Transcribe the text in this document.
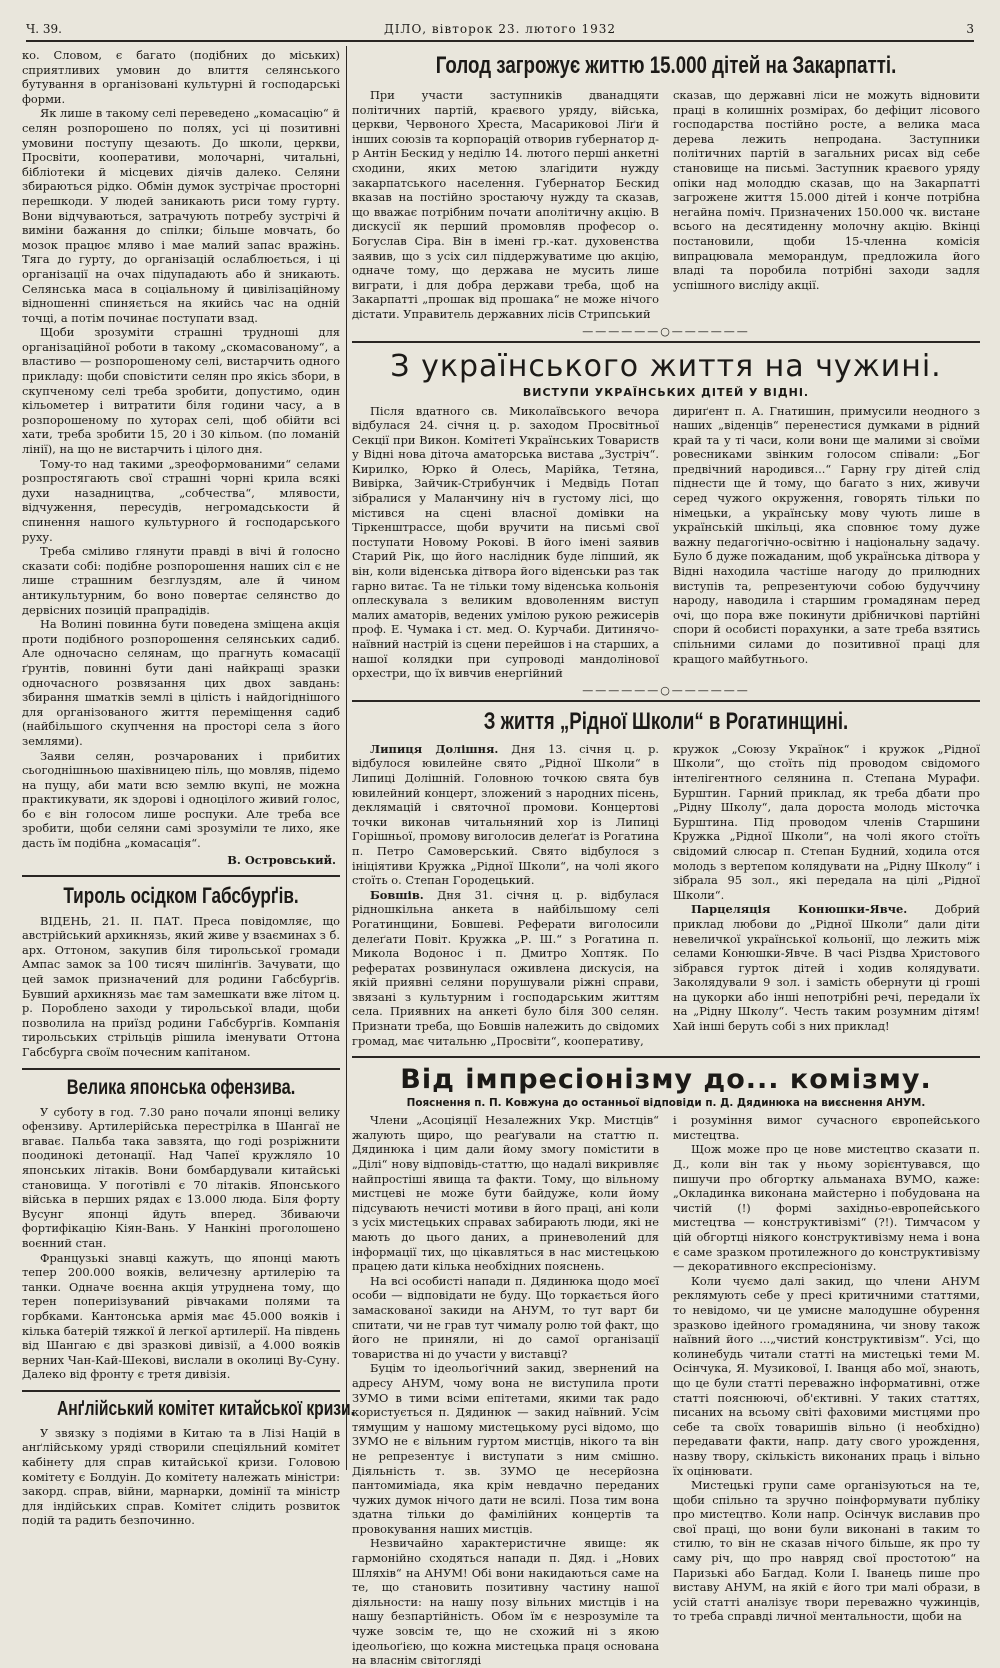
Ч. 39.	ДІЛО, вівторок 23. лютого 1932	3

ко. Словом, є багато (подібних до міських) сприятливих умовин до влиття селянського бутування в організовані культурні й господарські форми.

Як лише в такому селі переведено „комасацію“ й селян розпорошено по полях, усі ці позитивні умовини поступу щезають. До школи, церкви, Просвіти, кооперативи, молочарні, читальні, бібліотеки й місцевих діячів далеко. Селяни збираються рідко. Обмін думок зустрічає просторні перешкоди. У людей заникають риси тому гурту. Вони відчуваються, затрачують потребу зустрічі й виміни бажання до спілки; більше мовчать, бо мозок працює мляво і мае малий запас вражінь. Тяга до гурту, до організацій ослаблюється, і ці організації на очах підупадають або й зникають. Селянська маса в соціальному й цивілізаційному відношенні спиняється на якийсь час на одній точці, а потім починає поступати взад.

Щоби зрозуміти страшні трудноші для організаційної роботи в такому „скомасованому“, а властиво — розпорошеному селі, вистарчить одного прикладу: щоби сповістити селян про якісь збори, в скупченому селі треба зробити, допустимо, один кільометер і витратити біля години часу, а в розпорошеному по хуторах селі, щоб обійти всі хати, треба зробити 15, 20 і 30 кільом. (по ломаній лінії), на що не вистарчить і цілого дня.

Тому-то над такими „зреоформованими“ селами розпростягають свої страшні чорні крила всякі духи назадництва, „собчества“, млявости, відчуження, пересудів, негромадськости й спинення нашого культурного й господарського руху.

Треба сміливо глянути правді в вічі й голосно сказати собі: подібне розпорошення наших сіл є не лише страшним безглуздям, але й чином антикультурним, бо воно повертає селянство до дервісних позицій прапрадідів.

На Волині повинна бути поведена зміщена акція проти подібного розпорошення селянських садиб. Але одночасно селянам, що прагнуть комасації ґрунтів, повинні бути дані найкращі зразки одночасного розвязання цих двох завдань: збирання шматків землі в цілість і найдогіднішого для організованого життя переміщення садиб (найбільшого скупчення на просторі села з його землями).

Заяви селян, розчарованих і прибитих сьогоднішньою шахівницею піль, що мовляв, підемо на пущу, аби мати всю землю вкупі, не можна практикувати, як здорові і одноцілого живий голос, бо є він голосом лише роспуки. Але треба все зробити, щоби селяни самі зрозуміли те лихо, яке дасть їм подібна „комасація“.

В. Островський.
Тироль осідком Габсбурґів.

ВІДЕНЬ, 21. II. ПАТ. Преса повідомляє, що австрійський архикнязь, який живе у взаєминах з б. арх. Оттоном, закупив біля тирольської громади Ампас замок за 100 тисяч шилінґів. Зачувати, що цей замок призначений для родини Габсбурґів. Бувший архикнязь має там замешкати вже літом ц. р. Пороблено заходи у тирольської влади, щоби позволила на приїзд родини Габсбурґів. Компанія тирольських стрільців рішила іменувати Оттона Габсбурга своїм почесним капітаном.

Велика японська офензива.

У суботу в год. 7.30 рано почали японці велику офензиву. Артилерійська перестрілка в Шангаї не вгаває. Пальба така завзята, що годі розріжнити поодинокі детонації. Над Чапеї кружляло 10 японських літаків. Вони бомбардували китайські становища. У поготівлі є 70 літаків. Японського війська в перших рядах є 13.000 люда. Біля форту Вусунг японці йдуть вперед. Збиваючи фортифікацію Кіян-Вань. У Нанкіні проголошено воєнний стан.

Французькі знавці кажуть, що японці мають тепер 200.000 вояків, величезну артилерію та танки. Одначе воєнна акція утруднена тому, що терен попериізуваний рівчаками полями та горбками. Кантонська армія має 45.000 вояків і кілька батерій тяжкої й легкої артилерії. На південь від Шангаю є дві зразкові дивізії, а 4.000 вояків верних Чан-Кай-Шекові, вислали в околиці Ву-Суну. Далеко від фронту є третя дивізія.

Анґлійський комітет китайської кризи.

У звязку з подіями в Китаю та в Лізі Націй в анґлійському уряді створили спеціяльний комітет кабінету для справ китайської кризи. Головою комітету є Болдуін. До комітету належать міністри: закорд. справ, війни, марнарки, домінії та міністр для індійських справ. Комітет слідить розвиток подій та радить безпочинно.

Голод загрожує життю 15.000 дітей на Закарпатті.

При участи заступників дванадцяти політичних партій, краєвого уряду, війська, церкви, Червоного Хреста, Масариковоі Ліґи й інших союзів та корпорацій отворив губернатор д-р Антін Бескид у неділю 14. лютого перші анкетні сходини, яких метою злагідити нужду закарпатського населення. Губернатор Бескид вказав на постійно зростаючу нужду та сказав, що вважає потрібним почати аполітичну акцію. В дискусії як перший промовляв професор о. Богуслав Сіра. Він в імені гр.-кат. духовенства заявив, що з усіх сил піддержуватиме цю акцію, одначе тому, що держава не мусить лише виграти, і для добра держави треба, щоб на Закарпатті „прошак від прошака“ не може нічого дістати. Управитель державних лісів Стрипський

сказав, що державні ліси не можуть відновити праці в колишніх розмірах, бо дефіцит лісового господарства постійно росте, а велика маса дерева лежить непродана. Заступники політичних партій в загальних рисах від себе становище на письмі. Заступник краєвого уряду опіки над молоддю сказав, що на Закарпатті загрожене життя 15.000 дітей і конче потрібна негайна поміч. Призначених 150.000 чк. вистане всього на десятиденну молочну акцію. Вкінці постановили, щоби 15-членна комісія випрацювала меморандум, предложила його владі та поробила потрібні заходи задля успішного висліду акції.

——————○——————
З українського життя на чужині.
ВИСТУПИ УКРАЇНСЬКИХ ДІТЕЙ У ВІДНІ.

Після вдатного св. Миколаївського вечора відбулася 24. січня ц. р. заходом Просвітньої Секції при Викон. Комітеті Українських Товариств у Відні нова діточа аматорська вистава „Зустріч“. Кирилко, Юрко й Олесь, Марійка, Тетяна, Вивірка, Зайчик-Стрибунчик і Медвідь Потап зібралися у Маланчину ніч в густому лісі, що містився на сцені власної домівки на Тіркенштрассе, щоби вручити на письмі свої поступати Новому Рокові. В його імені заявив Старий Рік, що його наслідник буде ліпший, як він, коли віденська дітвора його віденськи раз так гарно витає. Та не тільки тому віденська кольонія оплескувала з великим вдоволенням виступ малих аматорів, ведених умілою рукою режисерів проф. Е. Чумака і ст. мед. О. Курчаби. Дитинячо-наївний настрій із сцени перейшов і на старших, а нашої колядки при супроводі мандолінової орхестри, що їх вивчив енергійний

дириґент п. А. Гнатишин, примусили неодного з наших „віденців“ перенестися думками в рідний край та у ті часи, коли вони ще малими зі своїми ровесниками звінким голосом співали: „Бог предвічний народився...“ Гарну гру дітей слід піднести ще й тому, що багато з них, живучи серед чужого окруження, говорять тільки по німецьки, а українську мову чують лише в українській шкільці, яка сповнює тому дуже важну педагогічно-освітню і національну задачу. Було б дуже пожаданим, щоб українська дітвора у Відні находила частіше нагоду до прилюдних виступів та, репрезентуючи собою будуччину народу, наводила і старшим громадянам перед очі, що пора вже покинути дрібничкові партійні спори й особисті порахунки, а зате треба взятись спільними силами до позитивної праці для кращого майбутнього.

——————○——————
З життя „Рідної Школи“ в Рогатинщині.

Липиця Долішня. Дня 13. січня ц. р. відбулося ювилейне свято „Рідної Школи“ в Липиці Долішній. Головною точкою свята був ювилейний концерт, зложений з народних пісень, деклямацій і святочної промови. Концертові точки виконав читальняний хор із Липиці Горішньої, промову виголосив делеґат із Рогатина п. Петро Самоверський. Свято відбулося з ініціятиви Кружка „Рідної Школи“, на чолі якого стоїть о. Степан Городецький.

Бовшів. Дня 31. січня ц. р. відбулася рідношкільна анкета в найбільшому селі Рогатинщини, Бовшеві. Реферати виголосили делеґати Повіт. Кружка „Р. Ш.“ з Рогатина п. Микола Водонос і п. Дмитро Хоптяк. По рефератах розвинулася оживлена дискусія, на якій приявні селяни порушували ріжні справи, звязані з культурним і господарським життям села. Приявних на анкеті було біля 300 селян. Признати треба, що Бовшів належить до свідомих громад, має читальню „Просвіти“, кооперативу,

кружок „Союзу Українок“ і кружок „Рідної Школи“, що стоїть під проводом свідомого інтелігентного селянина п. Степана Мурафи. Бурштин. Гарний приклад, як треба дбати про „Рідну Школу“, дала дороста молодь місточка Бурштина. Під проводом членів Старшини Кружка „Рідної Школи“, на чолі якого стоїть свідомий слюсар п. Степан Будний, ходила отся молодь з вертепом колядувати на „Рідну Школу“ і зібрала 95 зол., які передала на цілі „Рідної Школи“.

Парцеляція Конюшки-Явче. Добрий приклад любови до „Рідної Школи“ дали діти невеличкої української кольонії, що лежить між селами Конюшки-Явче. В часі Різдва Христового зібрався гурток дітей і ходив колядувати. Заколядували 9 зол. і замість обернути ці гроші на цукорки або інші непотрібні речі, передали їх на „Рідну Школу“. Честь таким розумним дітям! Хай інші беруть собі з них приклад!

Від імпресіонізму до... комізму.
Пояснення п. П. Ковжуна до останньої відповіди п. Д. Дядинюка на виєснення АНУМ.

Члени „Асоціяції Незалежних Укр. Мистців“ жалують щиро, що реаґували на статтю п. Дядинюка і цим дали йому змогу помістити в „Ділі“ нову відповідь-статтю, що надалі викривляє найпростіші явища та факти. Тому, що вільному мистцеві не може бути байдуже, коли йому підсувають нечисті мотиви в його праці, ані коли з усіх мистецьких справах забирають люди, які не мають до цього даних, а приневолений для інформації тих, що цікавляться в нас мистецькою працею дати кілька необхідних пояснень.

На всі особисті напади п. Дядинюка щодо моєї особи — відповідати не буду. Що торкається його замаскованої закиди на АНУМ, то тут варт би спитати, чи не грав тут чималу ролю той факт, що його не приняли, ні до самої організації товариства ні до участи у виставці?

Буцім то ідеольоґічний закид, звернений на адресу АНУМ, чому вона не виступила проти ЗУМО в тими всіми епітетами, якими так радо користується п. Дядинюк — закид наївний. Усім тямущим у нашому мистецькому русі відомо, що ЗУМО не є вільним гуртом мистців, нікого та він не репрезентує і виступати з ним смішно. Діяльність т. зв. ЗУМО це несерйозна пантомиміада, яка крім невдачно переданих чужих думок нічого дати не всилі. Поза тим вона здатна тільки до фамілійних концертів та провокування наших мистців.

Незвичайно характеристичне явище: як гармонійно сходяться напади п. Дяд. і „Нових Шляхів“ на АНУМ! Обі вони накидаються саме на те, що становить позитивну частину нашої діяльности: на нашу позу вільних мистців і на нашу безпартійність. Обом їм є незрозуміле та чуже зовсім те, що не схожий ні з якою ідеольоґією, що кожна мистецька праця основана на власнім світогляді

і розуміння вимог сучасного європейського мистецтва.

Щож може про це нове мистецтво сказати п. Д., коли він так у ньому зорієнтувався, що пишучи про обгортку альманаха ВУМО, каже: „Окладинка виконана майстерно і побудована на чистій (!) формі західньо-европейського мистецтва — конструктивізмі“ (?!). Тимчасом у цій обгортці ніякого конструктивізму нема і вона є саме зразком протилежного до конструктивізму — декоративного експресіонізму.

Коли чуємо далі закид, що члени АНУМ реклямують себе у пресі критичними статтями, то невідомо, чи це умисне малодушне обурення зразково ідейного громадянина, чи знову також наївний його ...„чистий конструктивізм“. Усі, що колинебудь читали статті на мистецькі теми М. Осінчука, Я. Музикової, І. Іванця або мої, знають, що це були статті переважно інформативні, отже статті пояснюючі, об'єктивні. У таких статтях, писаних на всьому світі фаховими мистцями про себе та своїх товаришів вільно (і необхідно) передавати факти, напр. дату свого урождення, назву твору, скількість виконаних праць і вільно їх оцінювати.

Мистецькі групи саме організуються на те, щоби спільно та зручно поінформувати публіку про мистецтво. Коли напр. Осінчук виславив про свої праці, що вони були виконані в таким то стилю, то він не сказав нічого більше, як про ту саму річ, що про навряд свої простотою“ на Паризькі або Багдад. Коли І. Іванець пише про виставу АНУМ, на якій є його три малі образи, в усій статті аналізує твори переважно чужинців, то треба справді личної ментальности, щоби на
